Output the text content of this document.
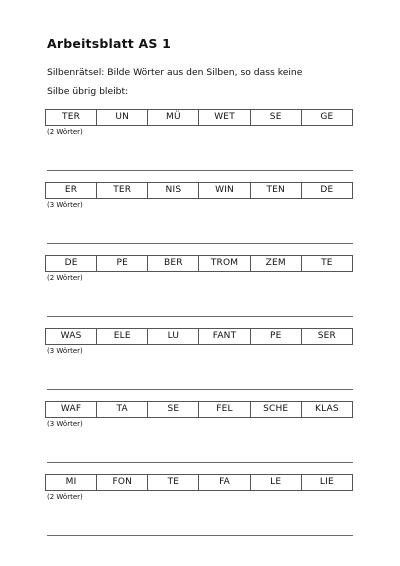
Arbeitsblatt AS 1
Silbenrätsel: Bilde Wörter aus den Silben, so dass keine
Silbe übrig bleibt:
TER	UN	MÜ	WET	SE	GE
(2 Wörter)
ER	TER	NIS	WIN	TEN	DE
(3 Wörter)
DE	PE	BER	TROM	ZEM	TE
(2 Wörter)
WAS	ELE	LU	FANT	PE	SER
(3 Wörter)
WAF	TA	SE	FEL	SCHE	KLAS
(3 Wörter)
MI	FON	TE	FA	LE	LIE
(2 Wörter)
